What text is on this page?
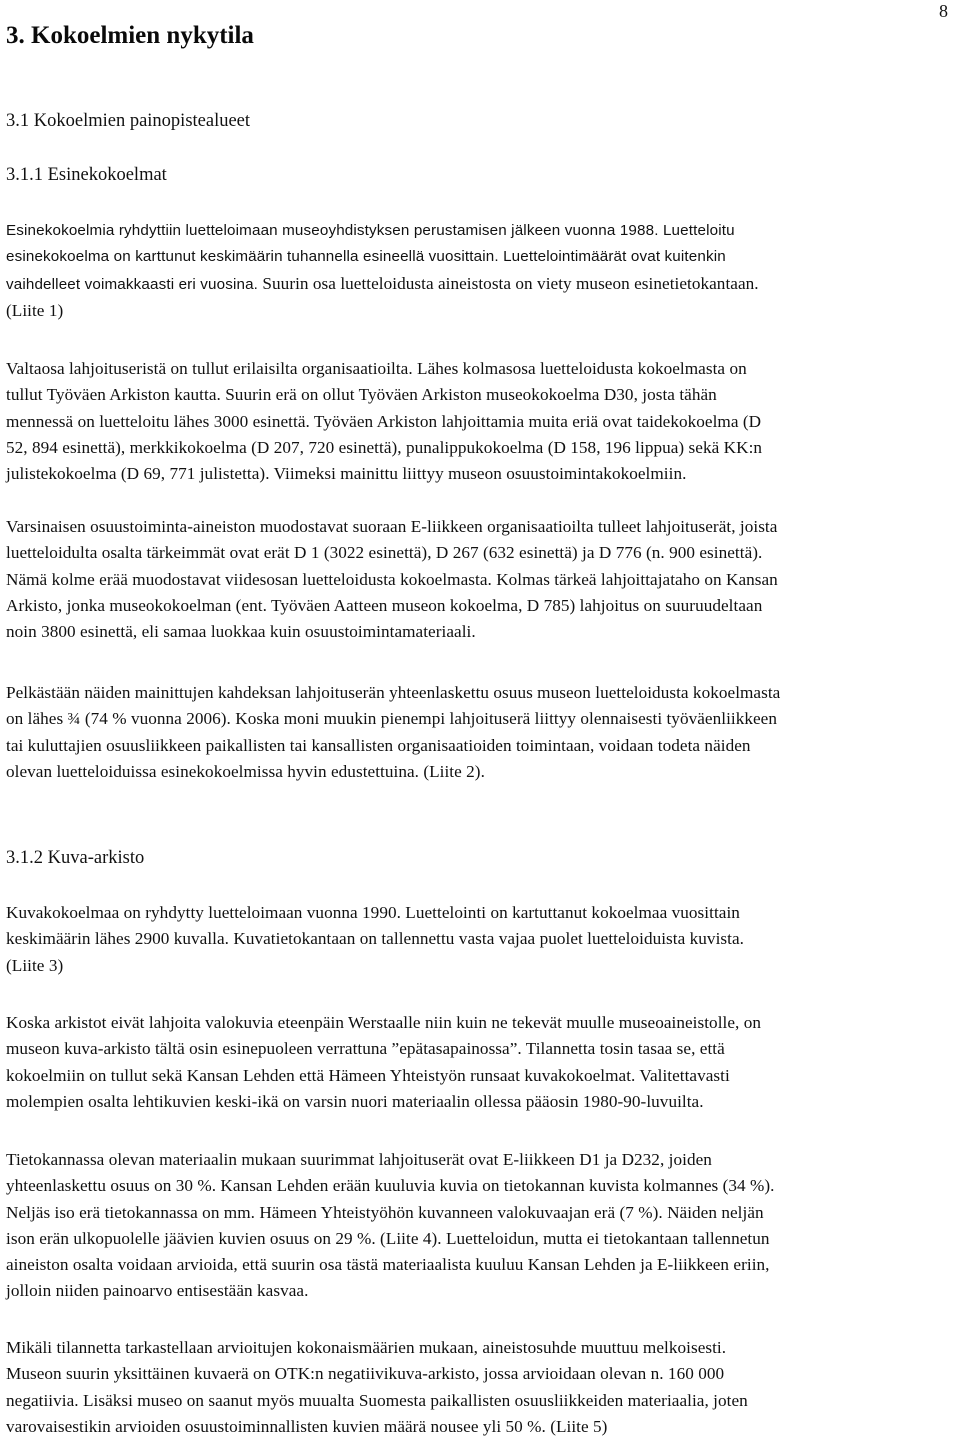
8
3. Kokoelmien nykytila
3.1 Kokoelmien painopistealueet
3.1.1 Esinekokoelmat

Esinekokoelmia ryhdyttiin luetteloimaan museoyhdistyksen perustamisen jälkeen vuonna 1988. Luetteloitu
esinekokoelma on karttunut keskimäärin tuhannella esineellä vuosittain. Luettelointimäärät ovat kuitenkin
vaihdelleet voimakkaasti eri vuosina. Suurin osa luetteloidusta aineistosta on viety museon esinetietokantaan.
(Liite 1)

Valtaosa lahjoituseristä on tullut erilaisilta organisaatioilta. Lähes kolmasosa luetteloidusta kokoelmasta on
tullut Työväen Arkiston kautta. Suurin erä on ollut Työväen Arkiston museokokoelma D30, josta tähän
mennessä on luetteloitu lähes 3000 esinettä. Työväen Arkiston lahjoittamia muita eriä ovat taidekokoelma (D
52, 894 esinettä), merkkikokoelma (D 207, 720 esinettä), punalippukokoelma (D 158, 196 lippua) sekä KK:n
julistekokoelma (D 69, 771 julistetta). Viimeksi mainittu liittyy museon osuustoimintakokoelmiin.

Varsinaisen osuustoiminta-aineiston muodostavat suoraan E-liikkeen organisaatioilta tulleet lahjoituserät, joista
luetteloidulta osalta tärkeimmät ovat erät D 1 (3022 esinettä), D 267 (632 esinettä) ja D 776 (n. 900 esinettä).
Nämä kolme erää muodostavat viidesosan luetteloidusta kokoelmasta. Kolmas tärkeä lahjoittajataho on Kansan
Arkisto, jonka museokokoelman (ent. Työväen Aatteen museon kokoelma, D 785) lahjoitus on suuruudeltaan
noin 3800 esinettä, eli samaa luokkaa kuin osuustoimintamateriaali.

Pelkästään näiden mainittujen kahdeksan lahjoituserän yhteenlaskettu osuus museon luetteloidusta kokoelmasta
on lähes ¾ (74 % vuonna 2006). Koska moni muukin pienempi lahjoituserä liittyy olennaisesti työväenliikkeen
tai kuluttajien osuusliikkeen paikallisten tai kansallisten organisaatioiden toimintaan, voidaan todeta näiden
olevan luetteloiduissa esinekokoelmissa hyvin edustettuina. (Liite 2).

3.1.2 Kuva-arkisto

Kuvakokoelmaa on ryhdytty luetteloimaan vuonna 1990. Luettelointi on kartuttanut kokoelmaa vuosittain
keskimäärin lähes 2900 kuvalla. Kuvatietokantaan on tallennettu vasta vajaa puolet luetteloiduista kuvista.
(Liite 3)

Koska arkistot eivät lahjoita valokuvia eteenpäin Werstaalle niin kuin ne tekevät muulle museoaineistolle, on
museon kuva-arkisto tältä osin esinepuoleen verrattuna ”epätasapainossa”. Tilannetta tosin tasaa se, että
kokoelmiin on tullut sekä Kansan Lehden että Hämeen Yhteistyön runsaat kuvakokoelmat. Valitettavasti
molempien osalta lehtikuvien keski-ikä on varsin nuori materiaalin ollessa pääosin 1980-90-luvuilta.

Tietokannassa olevan materiaalin mukaan suurimmat lahjoituserät ovat E-liikkeen D1 ja D232, joiden
yhteenlaskettu osuus on 30 %. Kansan Lehden erään kuuluvia kuvia on tietokannan kuvista kolmannes (34 %).
Neljäs iso erä tietokannassa on mm. Hämeen Yhteistyöhön kuvanneen valokuvaajan erä (7 %). Näiden neljän
ison erän ulkopuolelle jäävien kuvien osuus on 29 %. (Liite 4). Luetteloidun, mutta ei tietokantaan tallennetun
aineiston osalta voidaan arvioida, että suurin osa tästä materiaalista kuuluu Kansan Lehden ja E-liikkeen eriin,
jolloin niiden painoarvo entisestään kasvaa.

Mikäli tilannetta tarkastellaan arvioitujen kokonaismäärien mukaan, aineistosuhde muuttuu melkoisesti.
Museon suurin yksittäinen kuvaerä on OTK:n negatiivikuva-arkisto, jossa arvioidaan olevan n. 160 000
negatiivia. Lisäksi museo on saanut myös muualta Suomesta paikallisten osuusliikkeiden materiaalia, joten
varovaisestikin arvioiden osuustoiminnallisten kuvien määrä nousee yli 50 %. (Liite 5)
